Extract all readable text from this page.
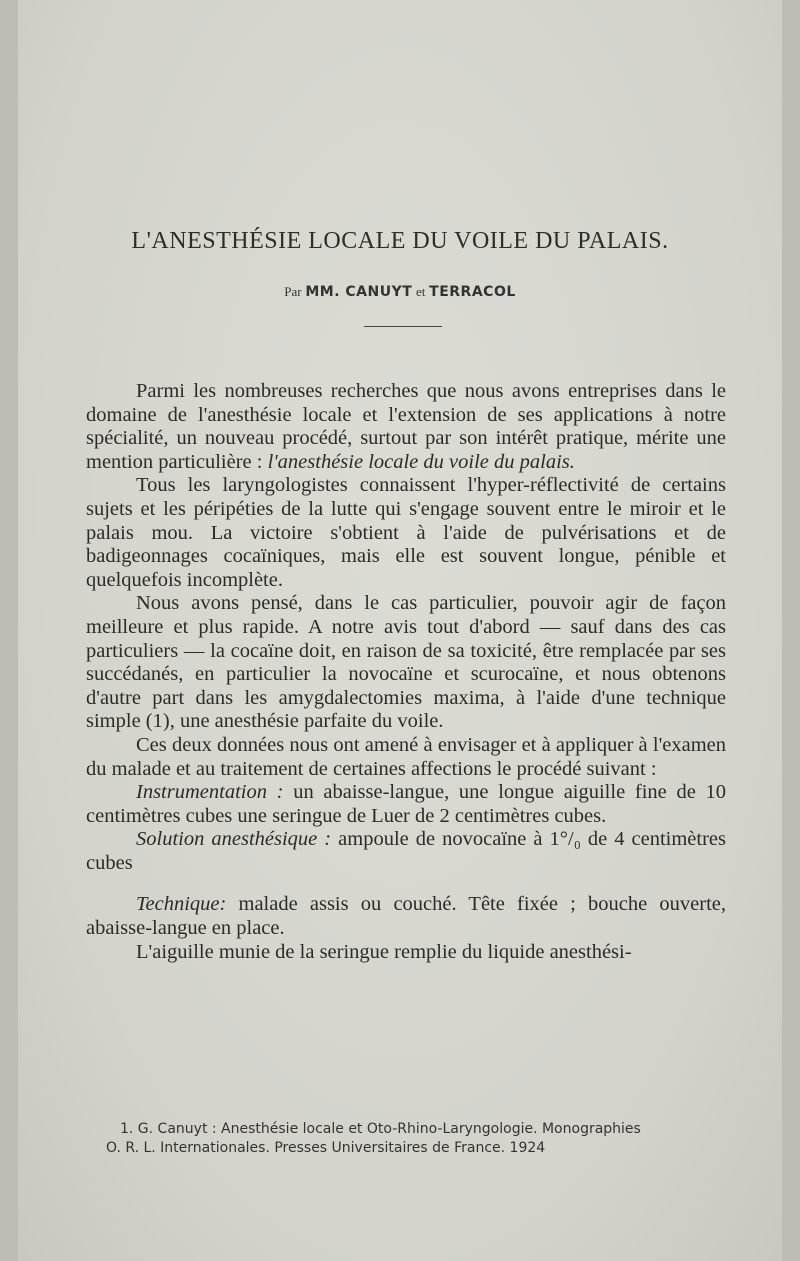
L'ANESTHÉSIE LOCALE DU VOILE DU PALAIS.
Par MM. CANUYT et TERRACOL

Parmi les nombreuses recherches que nous avons entreprises dans le domaine de l'anesthésie locale et l'extension de ses applications à notre spécialité, un nouveau procédé, surtout par son intérêt pratique, mérite une mention particulière : l'anesthésie locale du voile du palais.

Tous les laryngologistes connaissent l'hyper-réflectivité de certains sujets et les péripéties de la lutte qui s'engage souvent entre le miroir et le palais mou. La victoire s'obtient à l'aide de pulvérisations et de badigeonnages cocaïniques, mais elle est souvent longue, pénible et quelquefois incomplète.

Nous avons pensé, dans le cas particulier, pouvoir agir de façon meilleure et plus rapide. A notre avis tout d'abord — sauf dans des cas particuliers — la cocaïne doit, en raison de sa toxicité, être remplacée par ses succédanés, en particulier la novocaïne et scurocaïne, et nous obtenons d'autre part dans les amygdalectomies maxima, à l'aide d'une technique simple (1), une anesthésie parfaite du voile.

Ces deux données nous ont amené à envisager et à appliquer à l'examen du malade et au traitement de certaines affections le procédé suivant :

Instrumentation : un abaisse-langue, une longue aiguille fine de 10 centimètres cubes une seringue de Luer de 2 centimètres cubes.

Solution anesthésique : ampoule de novocaïne à 1°/₀ de 4 centimètres cubes

Technique: malade assis ou couché. Tête fixée ; bouche ouverte, abaisse-langue en place.

L'aiguille munie de la seringue remplie du liquide anesthési-

1. G. Canuyt : Anesthésie locale et Oto-Rhino-Laryngologie. Monographies

O. R. L. Internationales. Presses Universitaires de France. 1924
